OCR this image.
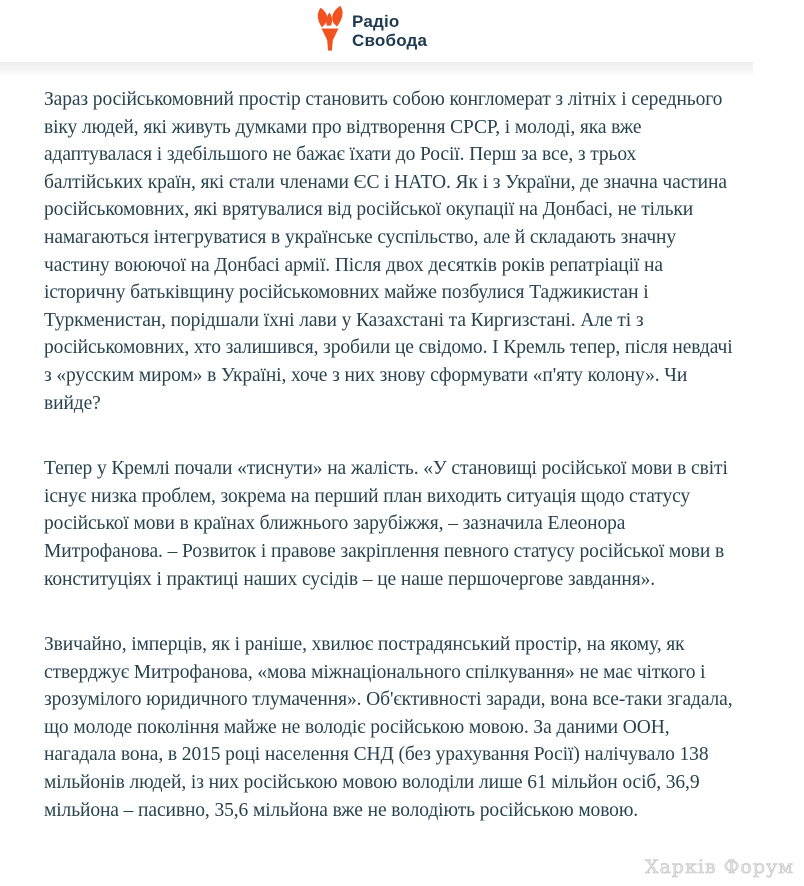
Радіо
Свобода

Зараз російськомовний простір становить собою конгломерат з літніх і середнього віку людей, які живуть думками про відтворення СРСР, і молоді, яка вже адаптувалася і здебільшого не бажає їхати до Росії. Перш за все, з трьох балтійських країн, які стали членами ЄС і НАТО. Як і з України, де значна частина російськомовних, які врятувалися від російської окупації на Донбасі, не тільки намагаються інтегруватися в українське суспільство, але й складають значну частину воюючої на Донбасі армії. Після двох десятків років репатріації на історичну батьківщину російськомовних майже позбулися Таджикистан і Туркменистан, порідшали їхні лави у Казахстані та Киргизстані. Але ті з російськомовних, хто залишився, зробили це свідомо. І Кремль тепер, після невдачі з «русским миром» в Україні, хоче з них знову сформувати «п'яту колону». Чи вийде?

Тепер у Кремлі почали «тиснути» на жалість. «У становищі російської мови в світі існує низка проблем, зокрема на перший план виходить ситуація щодо статусу російської мови в країнах ближнього зарубіжжя, – зазначила Елеонора Митрофанова. – Розвиток і правове закріплення певного статусу російської мови в конституціях і практиці наших сусідів – це наше першочергове завдання».

Звичайно, імперців, як і раніше, хвилює пострадянський простір, на якому, як стверджує Митрофанова, «мова міжнаціонального спілкування» не має чіткого і зрозумілого юридичного тлумачення». Об'єктивності заради, вона все-таки згадала, що молоде покоління майже не володіє російською мовою. За даними ООН, нагадала вона, в 2015 році населення СНД (без урахування Росії) налічувало 138 мільйонів людей, із них російською мовою володіли лише 61 мільйон осіб, 36,9 мільйона – пасивно, 35,6 мільйона вже не володіють російською мовою.

Харків Форум
